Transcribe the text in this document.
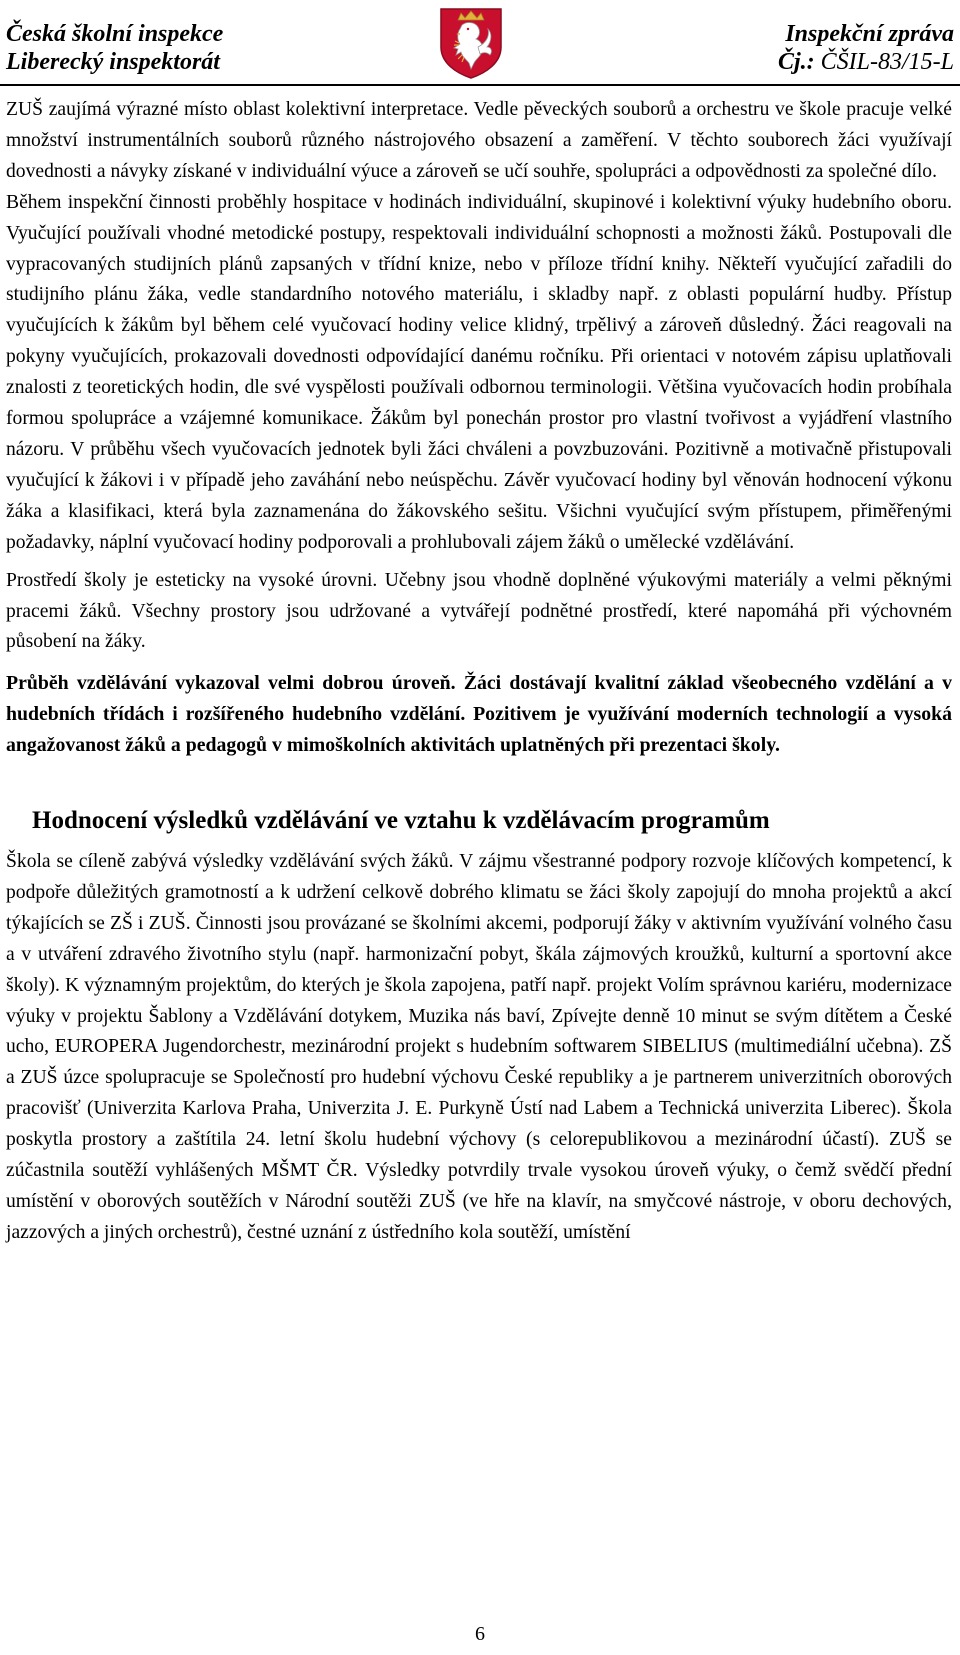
Česká školní inspekce
Liberecký inspektorát
Inspekční zpráva
Čj.: ČŠIL-83/15-L

ZUŠ zaujímá výrazné místo oblast kolektivní interpretace. Vedle pěveckých souborů a orchestru ve škole pracuje velké množství instrumentálních souborů různého nástrojového obsazení a zaměření. V těchto souborech žáci využívají dovednosti a návyky získané v individuální výuce a zároveň se učí souhře, spolupráci a odpovědnosti za společné dílo.

Během inspekční činnosti proběhly hospitace v hodinách individuální, skupinové i kolektivní výuky hudebního oboru. Vyučující používali vhodné metodické postupy, respektovali individuální schopnosti a možnosti žáků. Postupovali dle vypracovaných studijních plánů zapsaných v třídní knize, nebo v příloze třídní knihy. Někteří vyučující zařadili do studijního plánu žáka, vedle standardního notového materiálu, i skladby např. z oblasti populární hudby. Přístup vyučujících k žákům byl během celé vyučovací hodiny velice klidný, trpělivý a zároveň důsledný. Žáci reagovali na pokyny vyučujících, prokazovali dovednosti odpovídající danému ročníku. Při orientaci v notovém zápisu uplatňovali znalosti z teoretických hodin, dle své vyspělosti používali odbornou terminologii. Většina vyučovacích hodin probíhala formou spolupráce a vzájemné komunikace. Žákům byl ponechán prostor pro vlastní tvořivost a vyjádření vlastního názoru. V průběhu všech vyučovacích jednotek byli žáci chváleni a povzbuzováni. Pozitivně a motivačně přistupovali vyučující k žákovi i v případě jeho zaváhání nebo neúspěchu. Závěr vyučovací hodiny byl věnován hodnocení výkonu žáka a klasifikaci, která byla zaznamenána do žákovského sešitu. Všichni vyučující svým přístupem, přiměřenými požadavky, náplní vyučovací hodiny podporovali a prohlubovali zájem žáků o umělecké vzdělávání.

Prostředí školy je esteticky na vysoké úrovni. Učebny jsou vhodně doplněné výukovými materiály a velmi pěknými pracemi žáků. Všechny prostory jsou udržované a vytvářejí podnětné prostředí, které napomáhá při výchovném působení na žáky.

Průběh vzdělávání vykazoval velmi dobrou úroveň. Žáci dostávají kvalitní základ všeobecného vzdělání a v hudebních třídách i rozšířeného hudebního vzdělání. Pozitivem je využívání moderních technologií a vysoká angažovanost žáků a pedagogů v mimoškolních aktivitách uplatněných při prezentaci školy.

Hodnocení výsledků vzdělávání ve vztahu k vzdělávacím programům

Škola se cíleně zabývá výsledky vzdělávání svých žáků. V zájmu všestranné podpory rozvoje klíčových kompetencí, k podpoře důležitých gramotností a k udržení celkově dobrého klimatu se žáci školy zapojují do mnoha projektů a akcí týkajících se ZŠ i ZUŠ. Činnosti jsou provázané se školními akcemi, podporují žáky v aktivním využívání volného času a v utváření zdravého životního stylu (např. harmonizační pobyt, škála zájmových kroužků, kulturní a sportovní akce školy). K významným projektům, do kterých je škola zapojena, patří např. projekt Volím správnou kariéru, modernizace výuky v projektu Šablony a Vzdělávání dotykem, Muzika nás baví, Zpívejte denně 10 minut se svým dítětem a České ucho, EUROPERA Jugendorchestr, mezinárodní projekt s hudebním softwarem SIBELIUS (multimediální učebna). ZŠ a ZUŠ úzce spolupracuje se Společností pro hudební výchovu České republiky a je partnerem univerzitních oborových pracovišť (Univerzita Karlova Praha, Univerzita J. E. Purkyně Ústí nad Labem a Technická univerzita Liberec). Škola poskytla prostory a zaštítila 24. letní školu hudební výchovy (s celorepublikovou a mezinárodní účastí). ZUŠ se zúčastnila soutěží vyhlášených MŠMT ČR. Výsledky potvrdily trvale vysokou úroveň výuky, o čemž svědčí přední umístění v oborových soutěžích v Národní soutěži ZUŠ (ve hře na klavír, na smyčcové nástroje, v oboru dechových, jazzových a jiných orchestrů), čestné uznání z ústředního kola soutěží, umístění

6
